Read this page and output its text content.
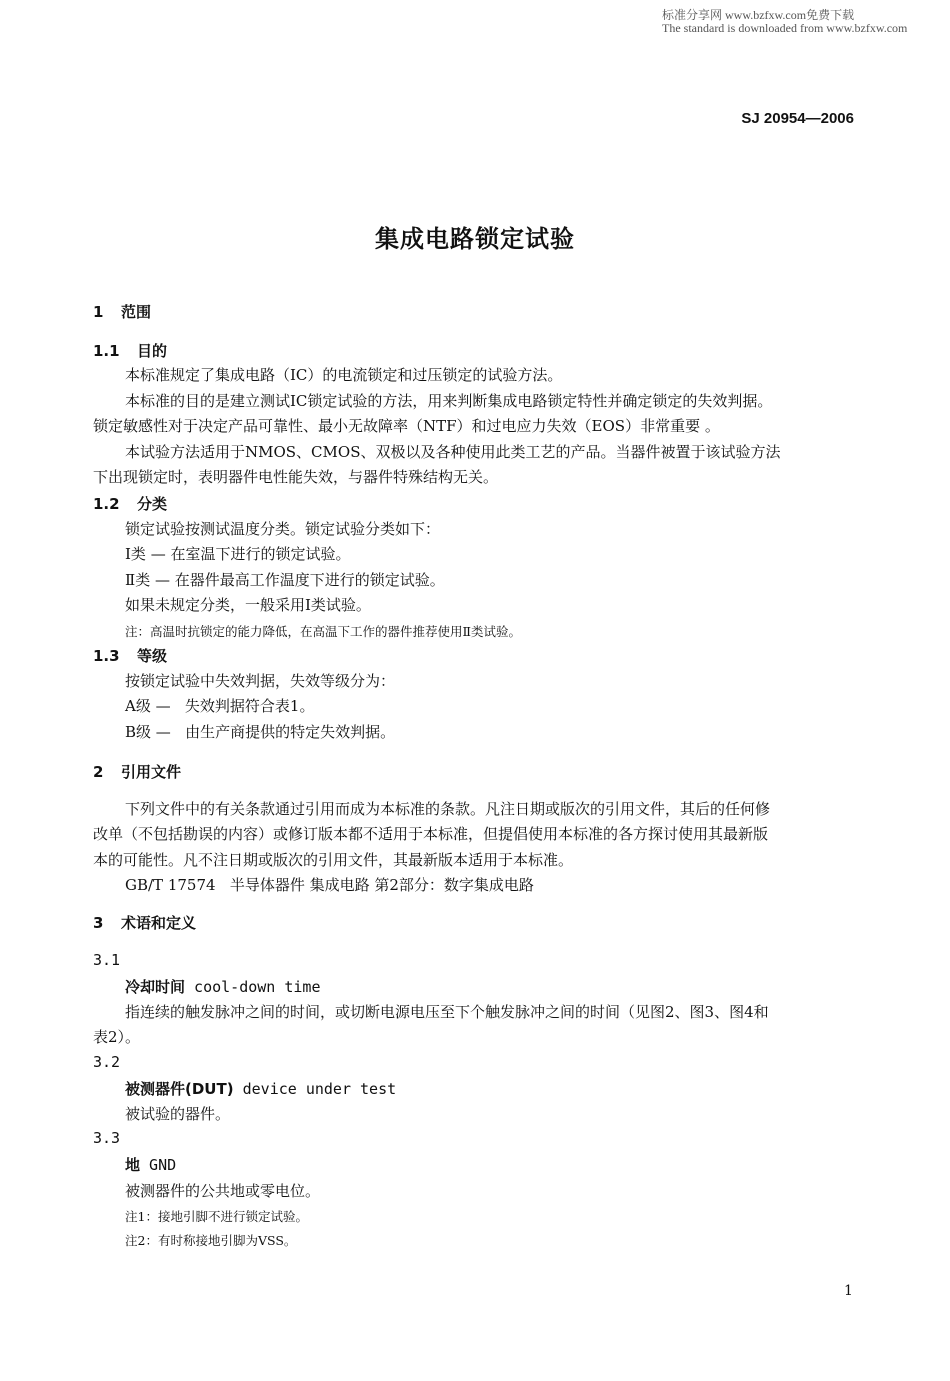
标准分享网 www.bzfxw.com免费下载
The standard is downloaded from www.bzfxw.com
SJ 20954—2006
集成电路锁定试验
1 范围
1.1 目的
本标准规定了集成电路（IC）的电流锁定和过压锁定的试验方法。
本标准的目的是建立测试IC锁定试验的方法，用来判断集成电路锁定特性并确定锁定的失效判据。
锁定敏感性对于决定产品可靠性、最小无故障率（NTF）和过电应力失效（EOS）非常重要 。
本试验方法适用于NMOS、CMOS、双极以及各种使用此类工艺的产品。当器件被置于该试验方法
下出现锁定时，表明器件电性能失效，与器件特殊结构无关。
1.2 分类
锁定试验按测试温度分类。锁定试验分类如下：
Ⅰ类 — 在室温下进行的锁定试验。
Ⅱ类 — 在器件最高工作温度下进行的锁定试验。
如果未规定分类，一般采用Ⅰ类试验。
注：高温时抗锁定的能力降低，在高温下工作的器件推荐使用Ⅱ类试验。
1.3 等级
按锁定试验中失效判据，失效等级分为：
A级 —   失效判据符合表1。
B级 —   由生产商提供的特定失效判据。
2 引用文件
下列文件中的有关条款通过引用而成为本标准的条款。凡注日期或版次的引用文件，其后的任何修
改单（不包括勘误的内容）或修订版本都不适用于本标准，但提倡使用本标准的各方探讨使用其最新版
本的可能性。凡不注日期或版次的引用文件，其最新版本适用于本标准。
GB/T 17574   半导体器件 集成电路 第2部分：数字集成电路
3 术语和定义
3.1
冷却时间 cool-down time
指连续的触发脉冲之间的时间，或切断电源电压至下个触发脉冲之间的时间（见图2、图3、图4和
表2）。
3.2
被测器件(DUT) device under test
被试验的器件。
3.3
地 GND
被测器件的公共地或零电位。
注1：接地引脚不进行锁定试验。
注2：有时称接地引脚为VSS。
1
